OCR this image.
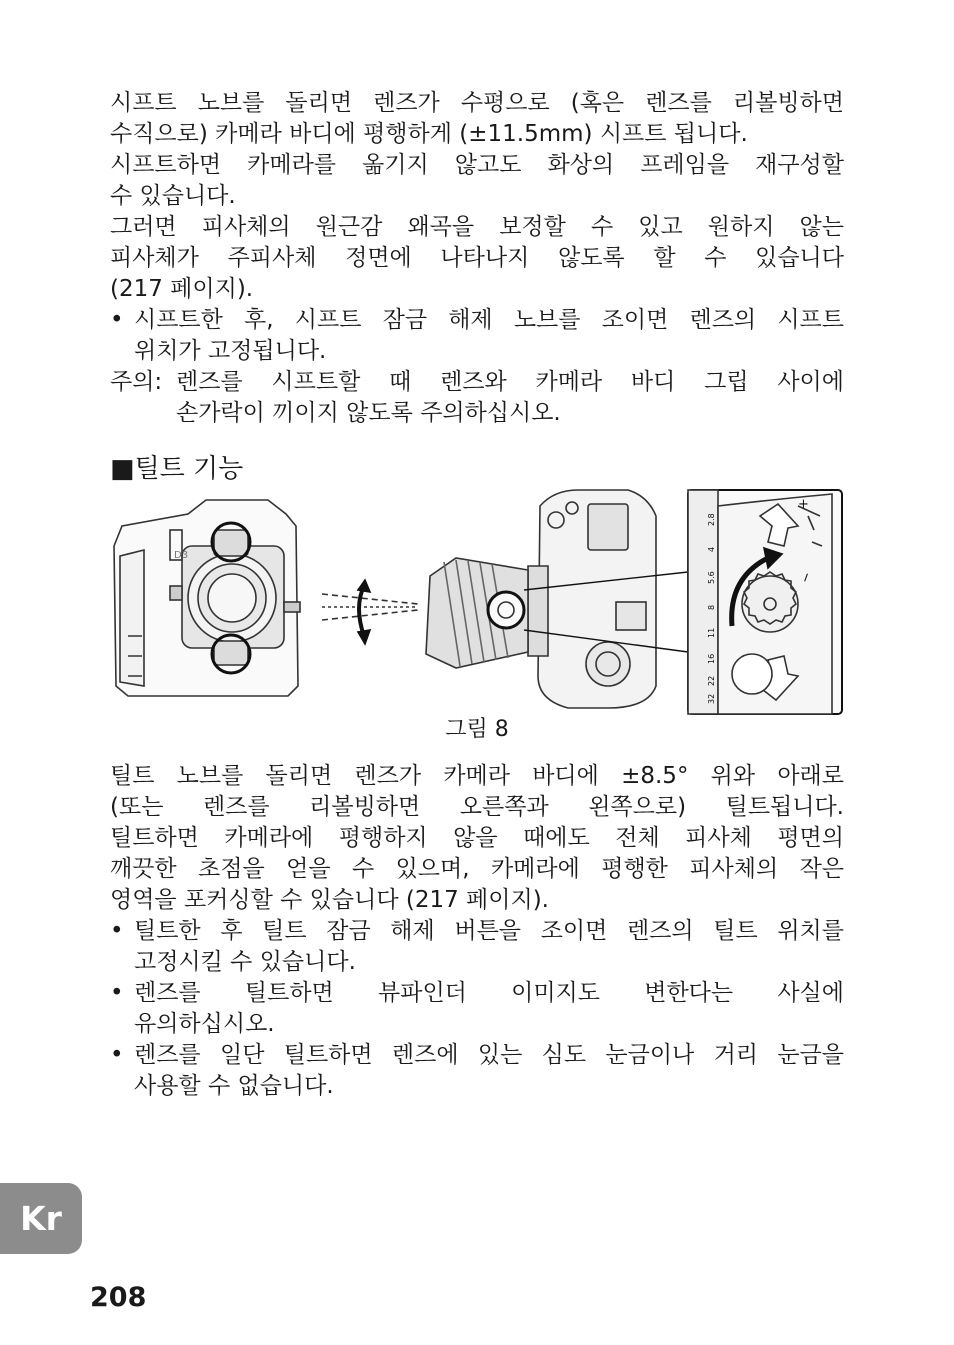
시프트 노브를 돌리면 렌즈가 수평으로 (혹은 렌즈를 리볼빙하면
수직으로) 카메라 바디에 평행하게 (±11.5mm) 시프트 됩니다.
시프트하면 카메라를 옮기지 않고도 화상의 프레임을 재구성할
수 있습니다.
그러면 피사체의 원근감 왜곡을 보정할 수 있고 원하지 않는
피사체가 주피사체 정면에 나타나지 않도록 할 수 있습니다
(217 페이지).
• 시프트한 후, 시프트 잠금 해제 노브를 조이면 렌즈의 시프트
위치가 고정됩니다.
주의: 렌즈를 시프트할 때 렌즈와 카메라 바디 그립 사이에
손가락이 끼이지 않도록 주의하십시오.
■틸트 기능
D3
32
22
16
11
8
5.6
4
2.8
+
−
그림 8
틸트 노브를 돌리면 렌즈가 카메라 바디에 ±8.5° 위와 아래로
(또는 렌즈를 리볼빙하면 오른쪽과 왼쪽으로) 틸트됩니다.
틸트하면 카메라에 평행하지 않을 때에도 전체 피사체 평면의
깨끗한 초점을 얻을 수 있으며, 카메라에 평행한 피사체의 작은
영역을 포커싱할 수 있습니다 (217 페이지).
• 틸트한 후 틸트 잠금 해제 버튼을 조이면 렌즈의 틸트 위치를
고정시킬 수 있습니다.
• 렌즈를 틸트하면 뷰파인더 이미지도 변한다는 사실에
유의하십시오.
• 렌즈를 일단 틸트하면 렌즈에 있는 심도 눈금이나 거리 눈금을
사용할 수 없습니다.
Kr
208
